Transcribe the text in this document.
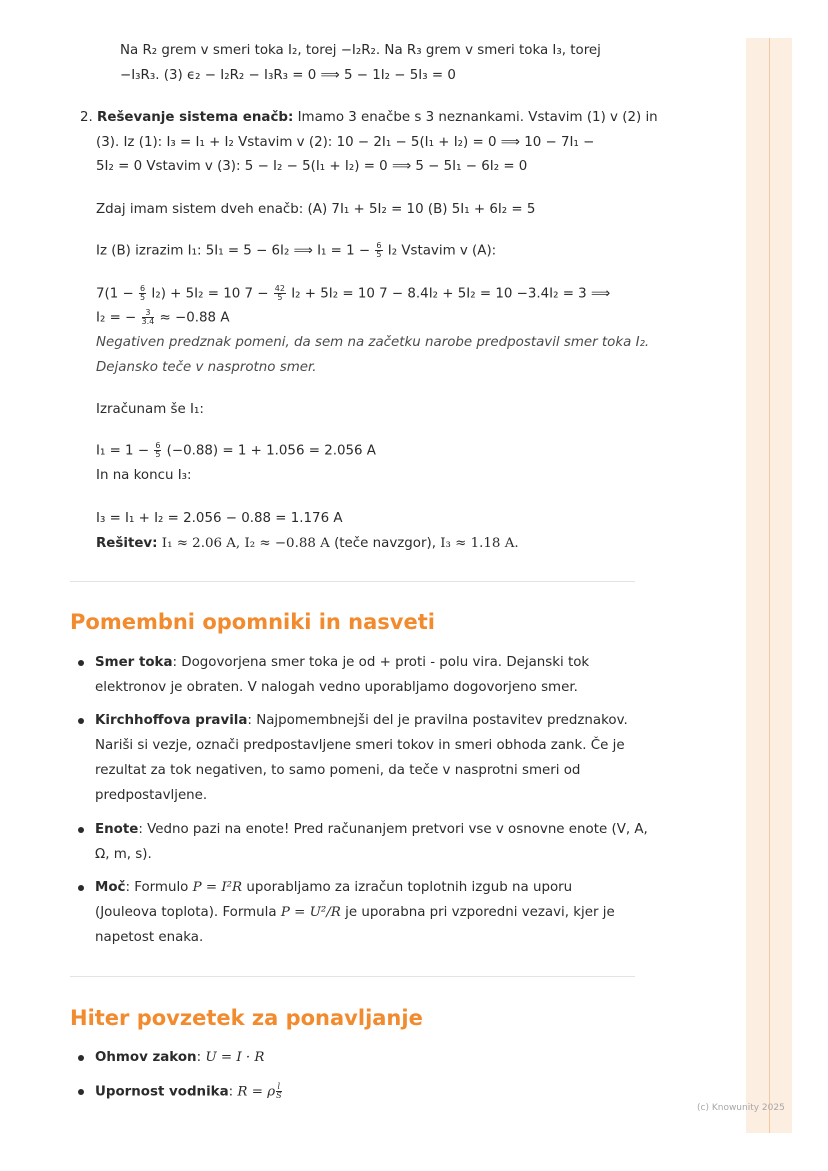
Na R₂ grem v smeri toka I₂, torej −I₂R₂. Na R₃ grem v smeri toka I₃, torej
−I₃R₃. (3) ϵ₂ − I₂R₂ − I₃R₃ = 0 ⟹ 5 − 1I₂ − 5I₃ = 0
2. Reševanje sistema enačb: Imamo 3 enačbe s 3 neznankami. Vstavim (1) v (2) in
(3). Iz (1): I₃ = I₁ + I₂ Vstavim v (2): 10 − 2I₁ − 5(I₁ + I₂) = 0 ⟹ 10 − 7I₁ −
5I₂ = 0 Vstavim v (3): 5 − I₂ − 5(I₁ + I₂) = 0 ⟹ 5 − 5I₁ − 6I₂ = 0
Zdaj imam sistem dveh enačb: (A) 7I₁ + 5I₂ = 10 (B) 5I₁ + 6I₂ = 5
Iz (B) izrazim I₁: 5I₁ = 5 − 6I₂ ⟹ $I_1 = 1 - \frac{6}{5} I_2$ Vstavim v (A):
$7(1 - \frac{6}{5} I_2) + 5I_2 = 10$ $7 - \frac{42}{5} I_2 + 5I_2 = 10$ 7 − 8.4I₂ + 5I₂ = 10 −3.4I₂ = 3 ⟹
I₂ = − $\frac{3}{3.4} \approx -0.88$ A
Negativen predznak pomeni, da sem na začetku narobe predpostavil smer toka I₂.
Dejansko teče v nasprotno smer.
Izračunam še I₁:
$I_1 = 1 - \frac{6}{5} (-0.88) = 1 + 1.056 = 2.056$ A
In na koncu I₃:
I₃ = I₁ + I₂ = 2.056 − 0.88 = 1.176 A
Rešitev: I₁ ≈ 2.06 A, I₂ ≈ −0.88 A (teče navzgor), I₃ ≈ 1.18 A.
Pomembni opomniki in nasveti
Smer toka: Dogovorjena smer toka je od + proti - polu vira. Dejanski tok
elektronov je obraten. V nalogah vedno uporabljamo dogovorjeno smer.
Kirchhoffova pravila: Najpomembnejši del je pravilna postavitev predznakov.
Nariši si vezje, označi predpostavljene smeri tokov in smeri obhoda zank. Če je
rezultat za tok negativen, to samo pomeni, da teče v nasprotni smeri od
predpostavljene.
Enote: Vedno pazi na enote! Pred računanjem pretvori vse v osnovne enote (V, A,
Ω, m, s).
Moč: Formulo P = I²R uporabljamo za izračun toplotnih izgub na uporu
(Jouleova toplota). Formula P = U²/R je uporabna pri vzporedni vezavi, kjer je
napetost enaka.
Hiter povzetek za ponavljanje
Ohmov zakon: U = I · R
Upornost vodnika: R = ρ $\frac{l}{S}$
(c) Knowunity 2025
